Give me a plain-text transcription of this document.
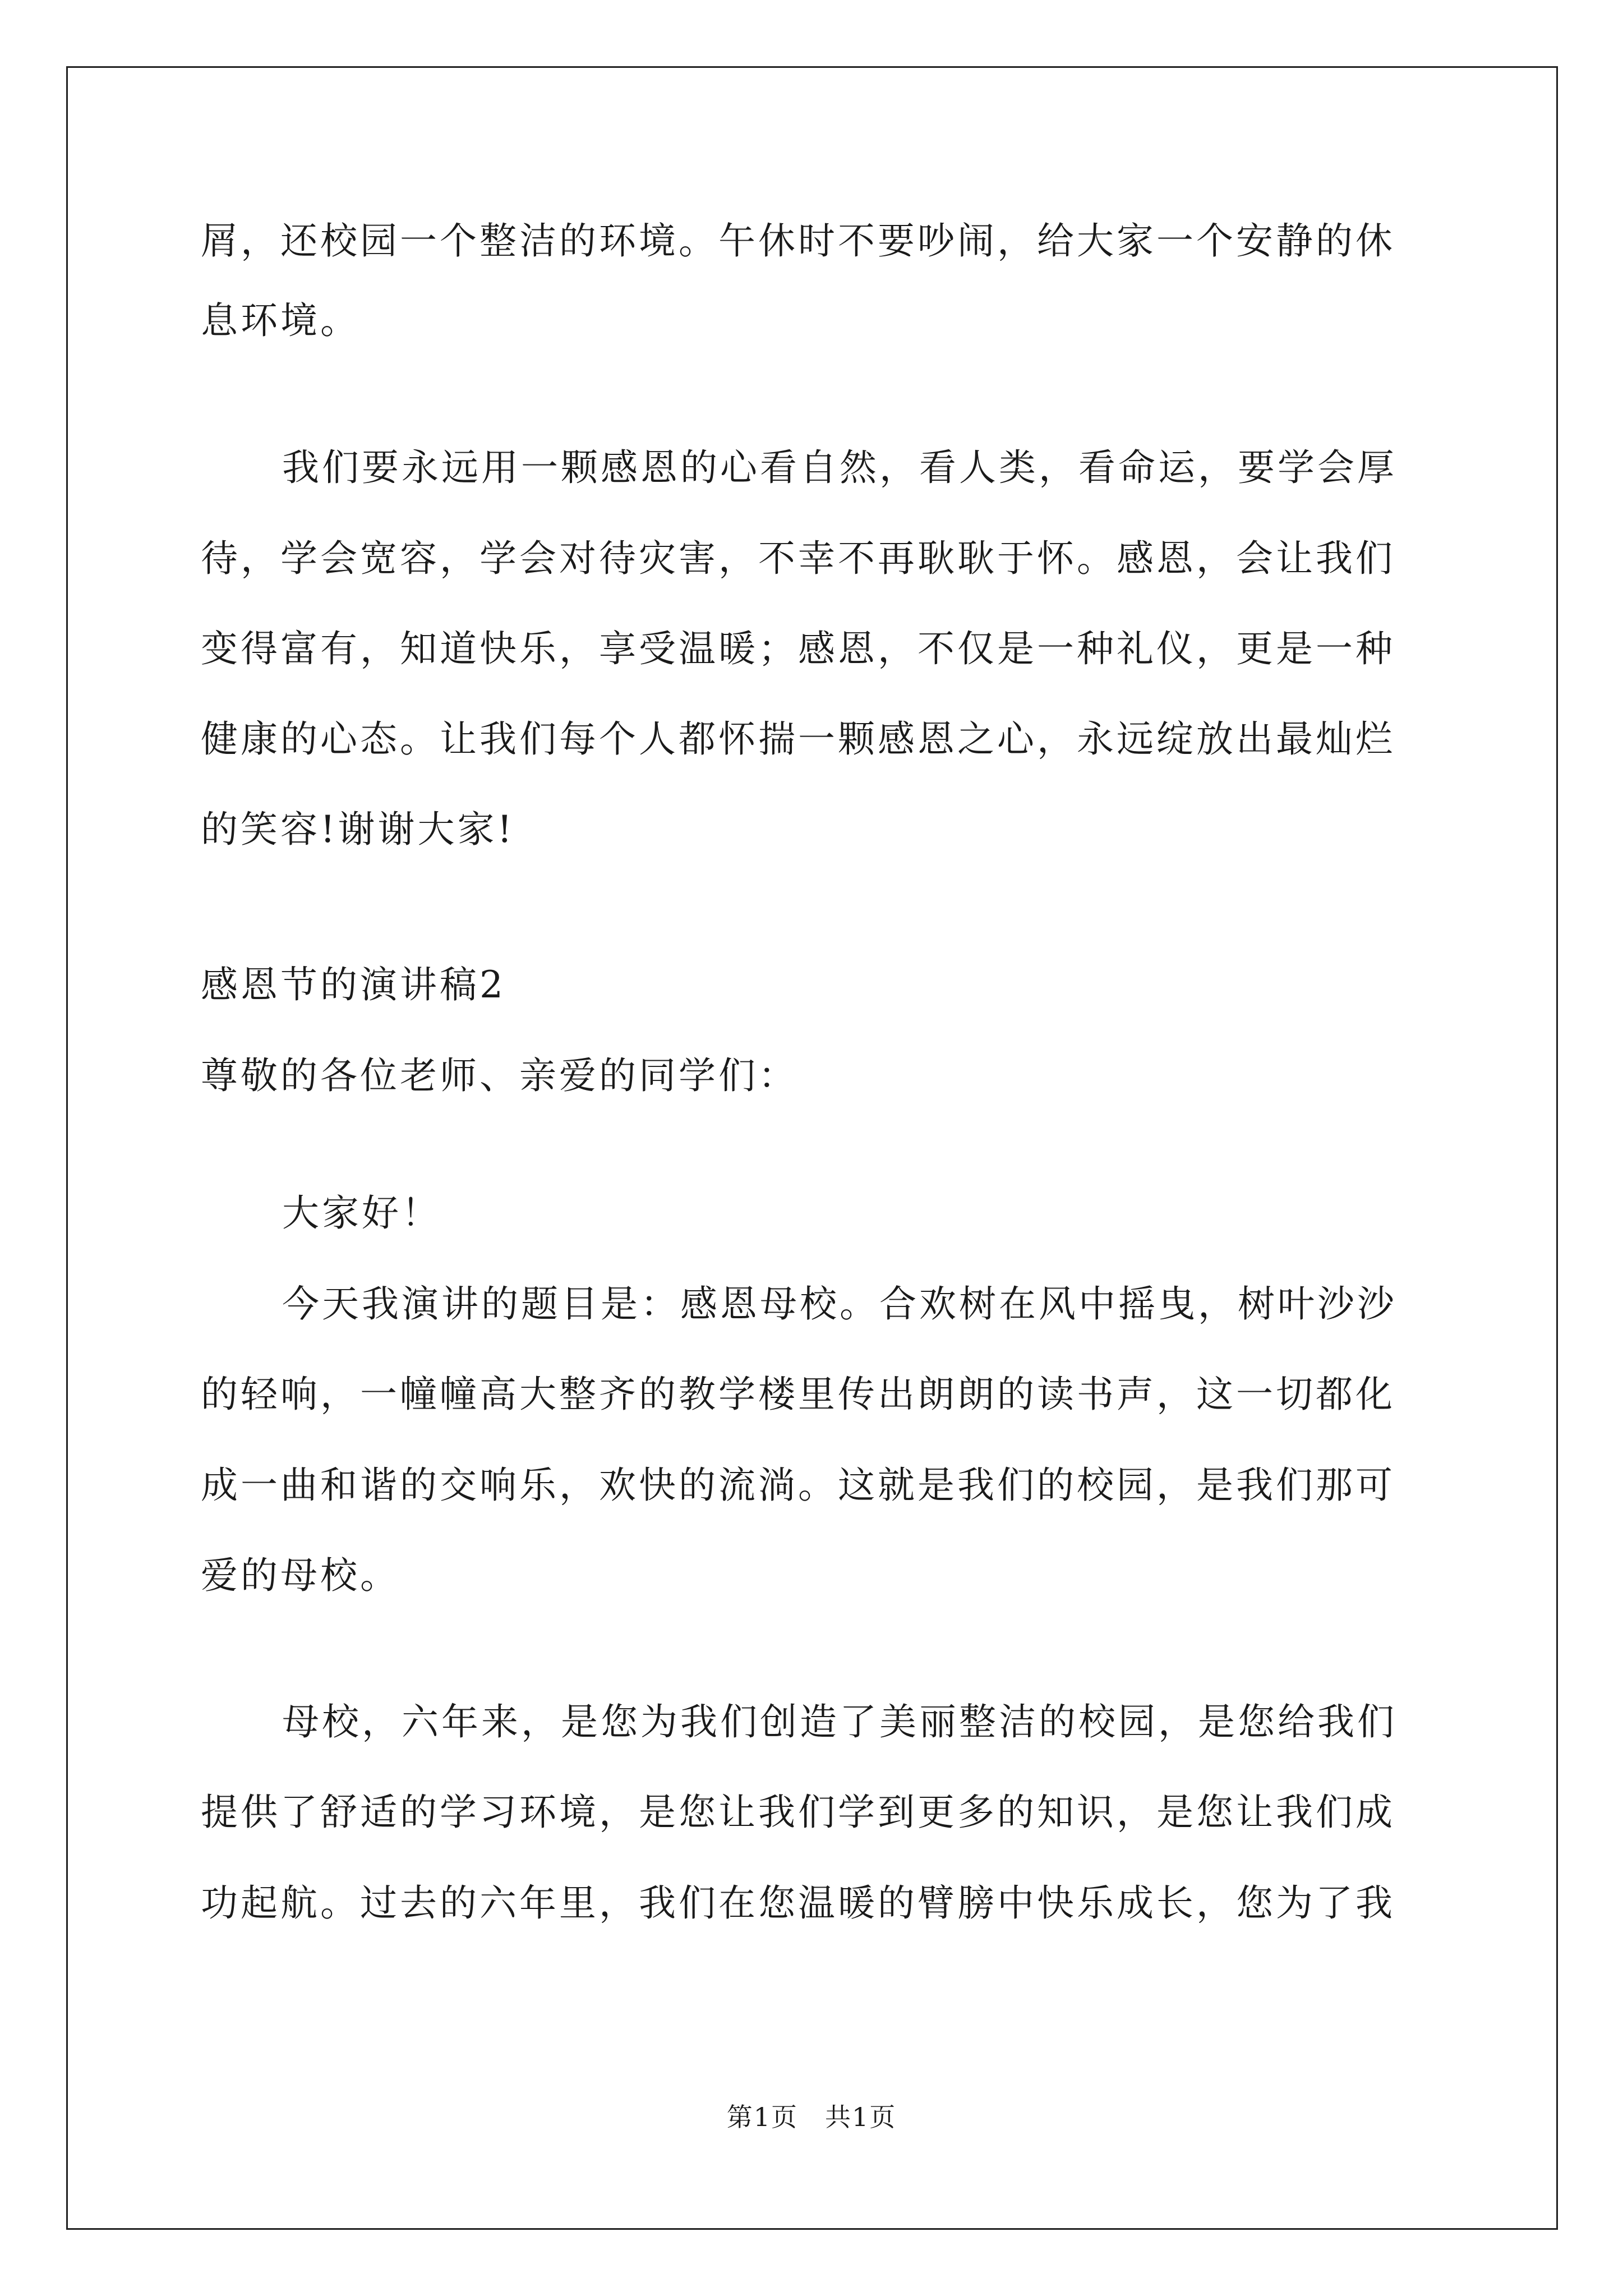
屑，还校园一个整洁的环境。午休时不要吵闹，给大家一个安静的休
息环境。
我们要永远用一颗感恩的心看自然，看人类，看命运，要学会厚
待，学会宽容，学会对待灾害，不幸不再耿耿于怀。感恩，会让我们
变得富有，知道快乐，享受温暖；感恩，不仅是一种礼仪，更是一种
健康的心态。让我们每个人都怀揣一颗感恩之心，永远绽放出最灿烂
的笑容!谢谢大家!
感恩节的演讲稿2
尊敬的各位老师、亲爱的同学们：
大家好！
今天我演讲的题目是：感恩母校。合欢树在风中摇曳，树叶沙沙
的轻响，一幢幢高大整齐的教学楼里传出朗朗的读书声，这一切都化
成一曲和谐的交响乐，欢快的流淌。这就是我们的校园，是我们那可
爱的母校。
母校，六年来，是您为我们创造了美丽整洁的校园，是您给我们
提供了舒适的学习环境，是您让我们学到更多的知识，是您让我们成
功起航。过去的六年里，我们在您温暖的臂膀中快乐成长，您为了我
第1页　共1页
